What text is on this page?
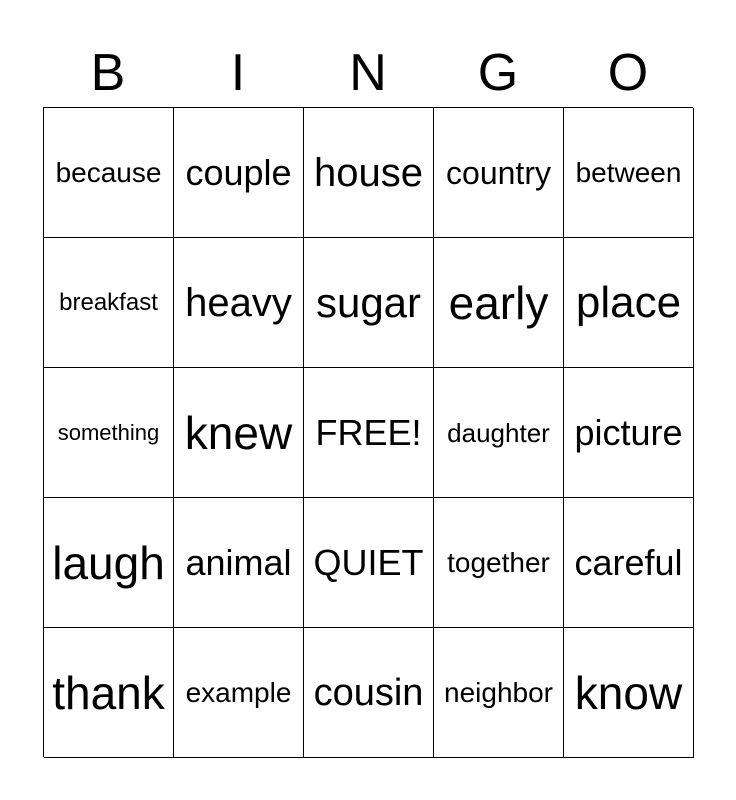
B	I	N	G	O
because couple house country between
breakfast heavy sugar early place
something knew FREE! daughter picture
laugh animal QUIET together careful
thank example cousin neighbor know
